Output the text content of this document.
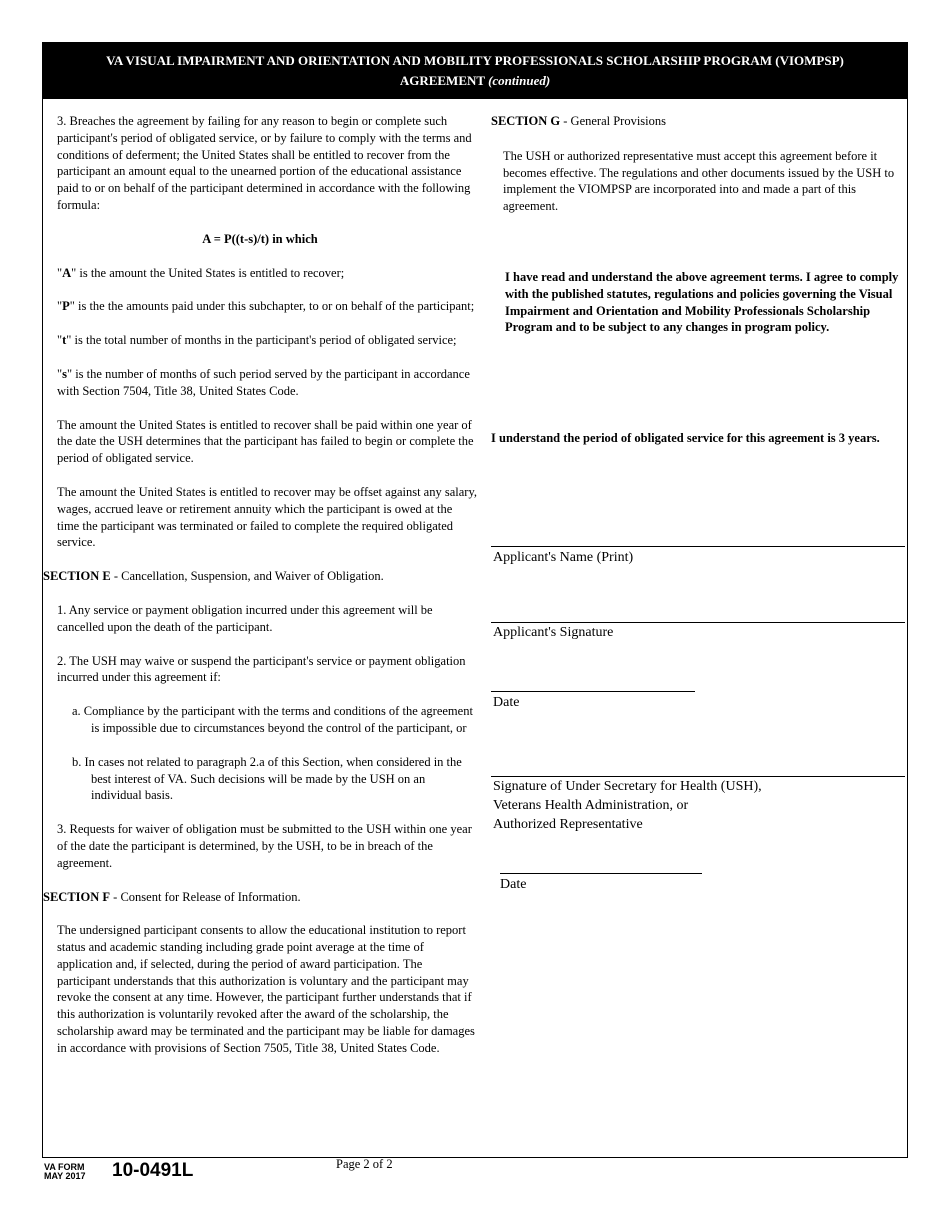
VA VISUAL IMPAIRMENT AND ORIENTATION AND MOBILITY PROFESSIONALS SCHOLARSHIP PROGRAM (VIOMPSP)
AGREEMENT (continued)

3. Breaches the agreement by failing for any reason to begin or complete such participant's period of obligated service, or by failure to comply with the terms and conditions of deferment; the United States shall be entitled to recover from the participant an amount equal to the unearned portion of the educational assistance paid to or on behalf of the participant determined in accordance with the following formula:

A = P((t-s)/t) in which

"A" is the amount the United States is entitled to recover;

"P" is the the amounts paid under this subchapter, to or on behalf of the participant;

"t" is the total number of months in the participant's period of obligated service;

"s" is the number of months of such period served by the participant in accordance with Section 7504, Title 38, United States Code.

The amount the United States is entitled to recover shall be paid within one year of the date the USH determines that the participant has failed to begin or complete the period of obligated service.

The amount the United States is entitled to recover may be offset against any salary, wages, accrued leave or retirement annuity which the participant is owed at the time the participant was terminated or failed to complete the required obligated service.

SECTION E - Cancellation, Suspension, and Waiver of Obligation.

1. Any service or payment obligation incurred under this agreement will be cancelled upon the death of the participant.

2. The USH may waive or suspend the participant's service or payment obligation incurred under this agreement if:

a. Compliance by the participant with the terms and conditions of the agreement is impossible due to circumstances beyond the control of the participant, or

b. In cases not related to paragraph 2.a of this Section, when considered in the best interest of VA. Such decisions will be made by the USH on an individual basis.

3. Requests for waiver of obligation must be submitted to the USH within one year of the date the participant is determined, by the USH, to be in breach of the agreement.

SECTION F - Consent for Release of Information.

The undersigned participant consents to allow the educational institution to report status and academic standing including grade point average at the time of application and, if selected, during the period of award participation. The participant understands that this authorization is voluntary and the participant may revoke the consent at any time. However, the participant further understands that if this authorization is voluntarily revoked after the award of the scholarship, the scholarship award may be terminated and the participant may be liable for damages in accordance with provisions of Section 7505, Title 38, United States Code.

SECTION G - General Provisions

The USH or authorized representative must accept this agreement before it becomes effective. The regulations and other documents issued by the USH to implement the VIOMPSP are incorporated into and made a part of this agreement.

I have read and understand the above agreement terms. I agree to comply with the published statutes, regulations and policies governing the Visual Impairment and Orientation and Mobility Professionals Scholarship Program and to be subject to any changes in program policy.

I understand the period of obligated service for this agreement is 3 years.

Applicant's Name (Print)
Applicant's Signature
Date
Signature of Under Secretary for Health (USH),
Veterans Health Administration, or
Authorized Representative
Date
VA FORM
MAY 2017 10-0491L	Page 2 of 2
